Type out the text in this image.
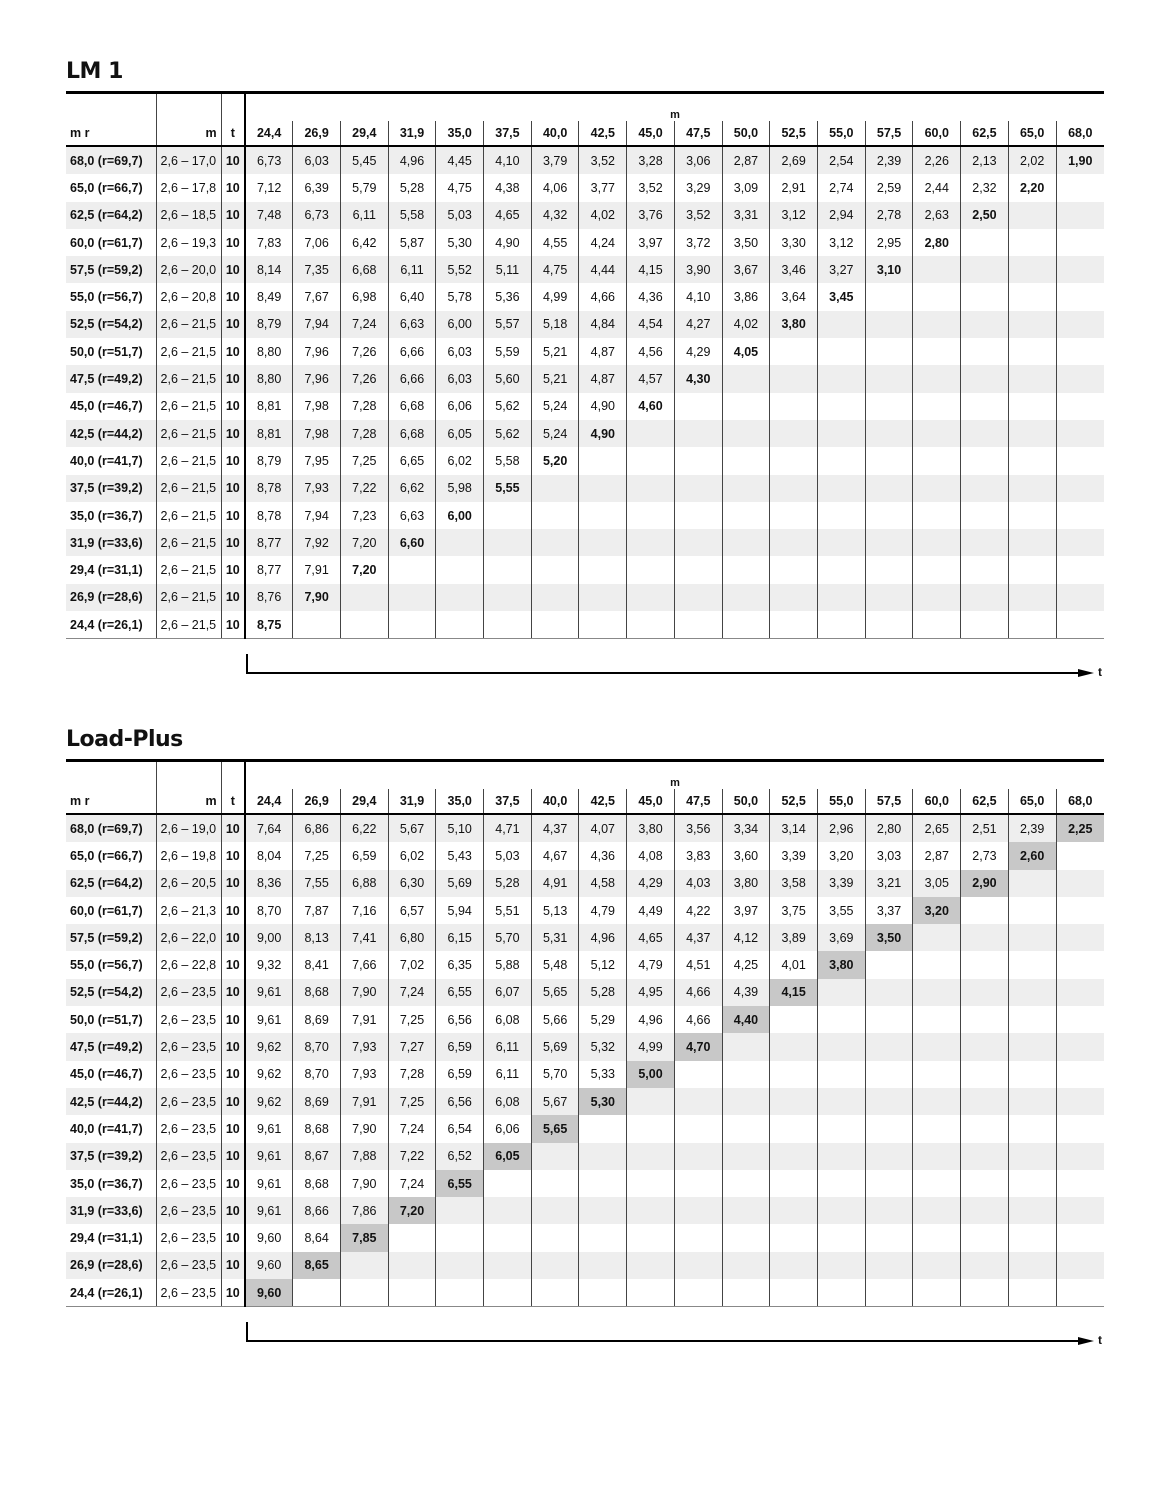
LM 1
			m																	
m r	m	t	24,4	26,9	29,4	31,9	35,0	37,5	40,0	42,5	45,0	47,5	50,0	52,5	55,0	57,5	60,0	62,5	65,0	68,0
68,0 (r=69,7)	2,6 – 17,0	10	6,73	6,03	5,45	4,96	4,45	4,10	3,79	3,52	3,28	3,06	2,87	2,69	2,54	2,39	2,26	2,13	2,02	1,90
65,0 (r=66,7)	2,6 – 17,8	10	7,12	6,39	5,79	5,28	4,75	4,38	4,06	3,77	3,52	3,29	3,09	2,91	2,74	2,59	2,44	2,32	2,20	
62,5 (r=64,2)	2,6 – 18,5	10	7,48	6,73	6,11	5,58	5,03	4,65	4,32	4,02	3,76	3,52	3,31	3,12	2,94	2,78	2,63	2,50		
60,0 (r=61,7)	2,6 – 19,3	10	7,83	7,06	6,42	5,87	5,30	4,90	4,55	4,24	3,97	3,72	3,50	3,30	3,12	2,95	2,80			
57,5 (r=59,2)	2,6 – 20,0	10	8,14	7,35	6,68	6,11	5,52	5,11	4,75	4,44	4,15	3,90	3,67	3,46	3,27	3,10				
55,0 (r=56,7)	2,6 – 20,8	10	8,49	7,67	6,98	6,40	5,78	5,36	4,99	4,66	4,36	4,10	3,86	3,64	3,45					
52,5 (r=54,2)	2,6 – 21,5	10	8,79	7,94	7,24	6,63	6,00	5,57	5,18	4,84	4,54	4,27	4,02	3,80						
50,0 (r=51,7)	2,6 – 21,5	10	8,80	7,96	7,26	6,66	6,03	5,59	5,21	4,87	4,56	4,29	4,05							
47,5 (r=49,2)	2,6 – 21,5	10	8,80	7,96	7,26	6,66	6,03	5,60	5,21	4,87	4,57	4,30								
45,0 (r=46,7)	2,6 – 21,5	10	8,81	7,98	7,28	6,68	6,06	5,62	5,24	4,90	4,60									
42,5 (r=44,2)	2,6 – 21,5	10	8,81	7,98	7,28	6,68	6,05	5,62	5,24	4,90										
40,0 (r=41,7)	2,6 – 21,5	10	8,79	7,95	7,25	6,65	6,02	5,58	5,20											
37,5 (r=39,2)	2,6 – 21,5	10	8,78	7,93	7,22	6,62	5,98	5,55												
35,0 (r=36,7)	2,6 – 21,5	10	8,78	7,94	7,23	6,63	6,00													
31,9 (r=33,6)	2,6 – 21,5	10	8,77	7,92	7,20	6,60														
29,4 (r=31,1)	2,6 – 21,5	10	8,77	7,91	7,20															
26,9 (r=28,6)	2,6 – 21,5	10	8,76	7,90																
24,4 (r=26,1)	2,6 – 21,5	10	8,75																	
t
Load-Plus
			m																	
m r	m	t	24,4	26,9	29,4	31,9	35,0	37,5	40,0	42,5	45,0	47,5	50,0	52,5	55,0	57,5	60,0	62,5	65,0	68,0
68,0 (r=69,7)	2,6 – 19,0	10	7,64	6,86	6,22	5,67	5,10	4,71	4,37	4,07	3,80	3,56	3,34	3,14	2,96	2,80	2,65	2,51	2,39	2,25
65,0 (r=66,7)	2,6 – 19,8	10	8,04	7,25	6,59	6,02	5,43	5,03	4,67	4,36	4,08	3,83	3,60	3,39	3,20	3,03	2,87	2,73	2,60	
62,5 (r=64,2)	2,6 – 20,5	10	8,36	7,55	6,88	6,30	5,69	5,28	4,91	4,58	4,29	4,03	3,80	3,58	3,39	3,21	3,05	2,90		
60,0 (r=61,7)	2,6 – 21,3	10	8,70	7,87	7,16	6,57	5,94	5,51	5,13	4,79	4,49	4,22	3,97	3,75	3,55	3,37	3,20			
57,5 (r=59,2)	2,6 – 22,0	10	9,00	8,13	7,41	6,80	6,15	5,70	5,31	4,96	4,65	4,37	4,12	3,89	3,69	3,50				
55,0 (r=56,7)	2,6 – 22,8	10	9,32	8,41	7,66	7,02	6,35	5,88	5,48	5,12	4,79	4,51	4,25	4,01	3,80					
52,5 (r=54,2)	2,6 – 23,5	10	9,61	8,68	7,90	7,24	6,55	6,07	5,65	5,28	4,95	4,66	4,39	4,15						
50,0 (r=51,7)	2,6 – 23,5	10	9,61	8,69	7,91	7,25	6,56	6,08	5,66	5,29	4,96	4,66	4,40							
47,5 (r=49,2)	2,6 – 23,5	10	9,62	8,70	7,93	7,27	6,59	6,11	5,69	5,32	4,99	4,70								
45,0 (r=46,7)	2,6 – 23,5	10	9,62	8,70	7,93	7,28	6,59	6,11	5,70	5,33	5,00									
42,5 (r=44,2)	2,6 – 23,5	10	9,62	8,69	7,91	7,25	6,56	6,08	5,67	5,30										
40,0 (r=41,7)	2,6 – 23,5	10	9,61	8,68	7,90	7,24	6,54	6,06	5,65											
37,5 (r=39,2)	2,6 – 23,5	10	9,61	8,67	7,88	7,22	6,52	6,05												
35,0 (r=36,7)	2,6 – 23,5	10	9,61	8,68	7,90	7,24	6,55													
31,9 (r=33,6)	2,6 – 23,5	10	9,61	8,66	7,86	7,20														
29,4 (r=31,1)	2,6 – 23,5	10	9,60	8,64	7,85															
26,9 (r=28,6)	2,6 – 23,5	10	9,60	8,65																
24,4 (r=26,1)	2,6 – 23,5	10	9,60																	
t
